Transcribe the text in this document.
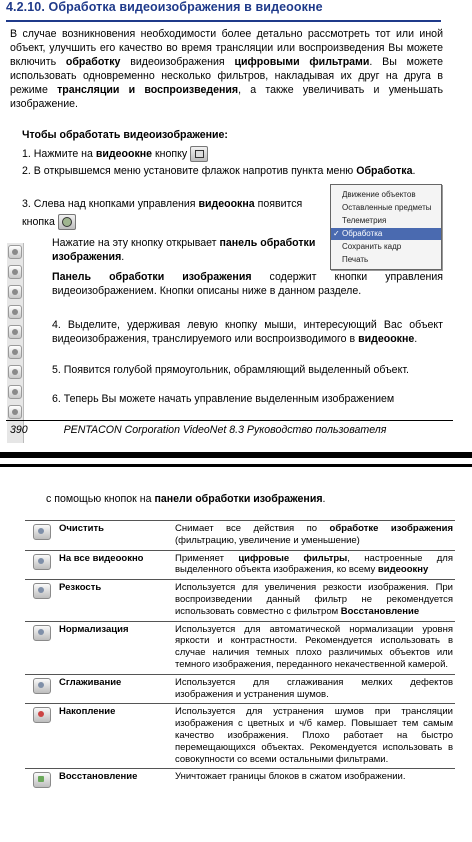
4.2.10. Обработка видеоизображения в видеоокне

В случае возникновения необходимости более детально рассмотреть тот или иной объект, улучшить его качество во время трансляции или воспроизведения Вы можете включить обработку видеоизображения цифровыми фильтрами. Вы можете использовать одновременно несколько фильтров, накладывая их друг на друга в режиме трансляции и воспроизведения, а также увеличивать и уменьшать изображение.

Чтобы обработать видеоизображение:
1. Нажмите на видеоокне кнопку
2. В открывшемся меню установите флажок напротив пункта меню Обработка.
3. Слева над кнопками управления видеоокна появится кнопка
Движение объектов
Оставленные предметы
Телеметрия
✓ Обработка
Сохранить кадр
Печать
Нажатие на эту кнопку открывает панель обработки изображения.
Панель обработки изображения содержит кнопки управления видеоизображением. Кнопки описаны ниже в данном разделе.
4. Выделите, удерживая левую кнопку мыши, интересующий Вас объект видеоизображения, транслируемого или воспроизводимого в видеоокне.
5. Появится голубой прямоугольник, обрамляющий выделенный объект.
6. Теперь Вы можете начать управление выделенным изображением
390	PENTACON Corporation VideoNet 8.3 Руководство пользователя
с помощью кнопок на панели обработки изображения.
	Очистить	Снимает все действия по обработке изображения (фильтрацию, увеличение и уменьшение)

	На все видеоокно	Применяет цифровые фильтры, настроенные для выделенного объекта изображения, ко всему видеоокну

	Резкость	Используется для увеличения резкости изображения. При воспроизведении данный фильтр не рекомендуется использовать совместно с фильтром Восстановление

	Нормализация	Используется для автоматической нормализации уровня яркости и контрастности. Рекомендуется использовать в случае наличия темных плохо различимых объектов или темного изображения, переданного некачественной камерой.

	Сглаживание	Используется для сглаживания мелких дефектов изображения и устранения шумов.

	Накопление	Используется для устранения шумов при трансляции изображения с цветных и ч/б камер. Повышает тем самым качество изображения. Плохо работает на быстро перемещающихся объектах. Рекомендуется использовать в совокупности со всеми остальными фильтрами.

	Восстановление	Уничтожает границы блоков в сжатом изображении.
